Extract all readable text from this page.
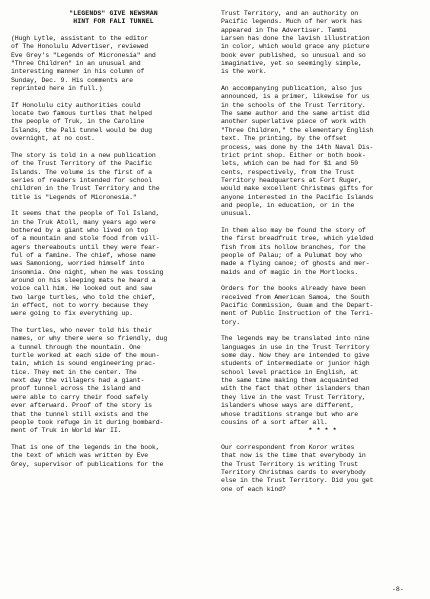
"LEGENDS" GIVE NEWSMAN
HINT FOR FALI TUNNEL
(Hugh Lytle, assistant to the editor
of The Honolulu Advertiser, reviewed
Eve Grey's "Legends of Micronesia" and
"Three Children" in an unusual and
interesting manner in his column of
Sunday, Dec. 9. His comments are
reprinted here in full.)
If Honolulu city authorities could
locate two famous turtles that helped
the people of Truk, in the Caroline
Islands, the Pali tunnel would be dug
overnight, at no cost.
The story is told in a new publication
of the Trust Territory of the Pacific
Islands. The volume is the first of a
series of readers intended for school
children in the Trust Territory and the
title is "Legends of Micronesia."
It seems that the people of Tol Island,
in the Truk Atoll, many years ago were
bothered by a giant who lived on top
of a mountain and stole food from vill-
agers thereabouts until they were fear-
ful of a famine. The chief, whose name
was Samoniong, worried himself into
insomnia. One night, when he was tossing
around on his sleeping mats he heard a
voice call him. He looked out and saw
two large turtles, who told the chief,
in effect, not to worry because they
were going to fix everything up.
The turtles, who never told his their
names, or why there were so friendly, dug
a tunnel through the mountain. One
turtle worked at each side of the moun-
tain, which is sound engineering prac-
tice. They met in the center. The
next day the villagers had a giant-
proof tunnel across the island and
were able to carry their food safely
ever afterward. Proof of the story is
that the tunnel still exists and the
people took refuge in it during bombard-
ment of Truk in World War II.
That is one of the legends in the book,
the text of which was written by Eve
Grey, supervisor of publications for the
Trust Territory, and an authority on
Pacific legends. Much of her work has
appeared in The Advertiser. Tambi
Larsen has done the lavish illustration
in color, which would grace any picture
book ever published, so unusual and so
imaginative, yet so seemingly simple,
is the work.
An accompanying publication, also jus
announced, is a primer, likewise for us
in the schools of the Trust Territory.
The same author and the same artist did
another superlative piece of work with
"Three Children," the elementary English
text. The printing, by the offset
process, was done by the 14th Naval Dis-
trict print shop. Either or both book-
lets, which can be had for $1 and 50
cents, respectively, from the Trust
Territory headquarters at Fort Ruger,
would make excellent Christmas gifts for
anyone interested in the Pacific Islands
and people, in education, or in the
unusual.
In them also may be found the story of
the first breadfruit tree, which yielded
fish from its hollow branches, for the
people of Palau; of a Pulumat boy who
made a flying canoe; of ghosts and mer-
maids and of magic in the Mortlocks.
Orders for the books already have been
received from American Samoa, the South
Pacific Commission, Guam and the Depart-
ment of Public Instruction of the Terri-
tory.
The legends may be translated into nine
languages in use in the Trust Territory
some day. Now they are intended to give
students of intermediate or junior high
school level practice in English, at
the same time making them acquainted
with the fact that other islanders than
they live in the vast Trust Territory,
islanders whose ways are different,
whose traditions strange but who are
cousins of a sort after all.
* * * *
Our correspondent from Koror writes
that now is the time that everybody in
the Trust Territory is writing Trust
Territory Christmas cards to everybody
else in the Trust Territory. Did you get
one of each kind?
-8-
